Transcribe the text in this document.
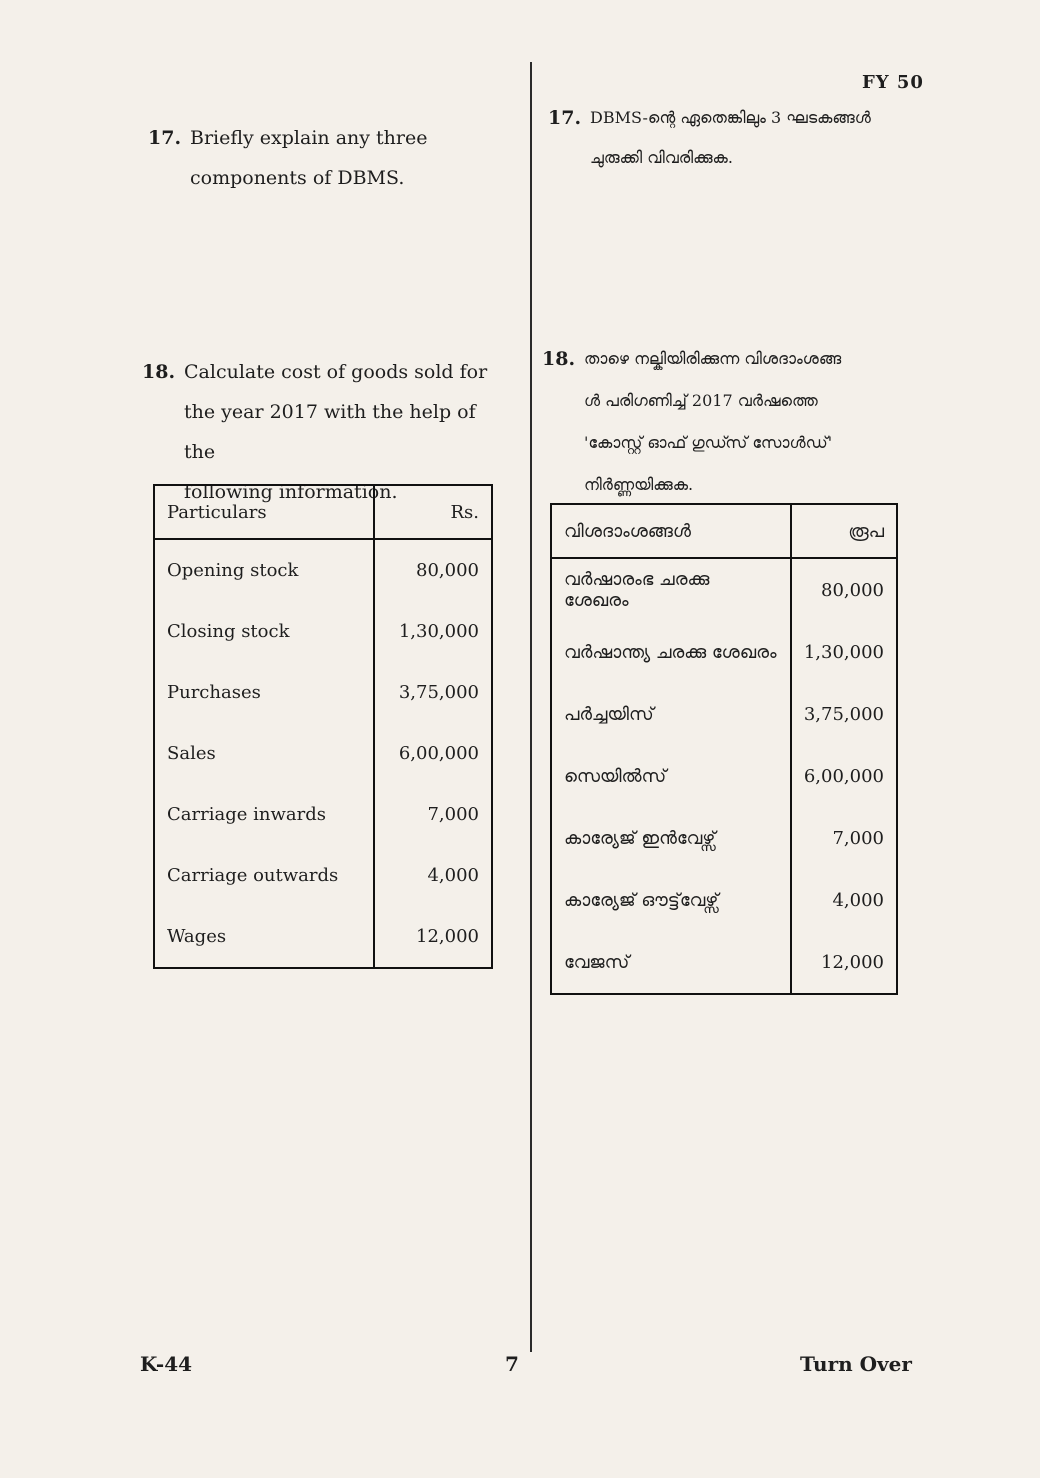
FY 50
17. Briefly explain any three
components of DBMS.
18. Calculate cost of goods sold for
the year 2017 with the help of the
following information.
Particulars	Rs.
Opening stock	80,000
Closing stock	1,30,000
Purchases	3,75,000
Sales	6,00,000
Carriage inwards	7,000
Carriage outwards	4,000
Wages	12,000
17. DBMS-ന്റെ ഏതെങ്കിലും 3 ഘടകങ്ങൾ
ചുരുക്കി വിവരിക്കുക.
18. താഴെ നല്കിയിരിക്കുന്ന വിശദാംശങ്ങ
ൾ പരിഗണിച്ച് 2017 വർഷത്തെ
'കോസ്റ്റ് ഓഫ് ഗുഡ്സ് സോൾഡ്'
നിർണ്ണയിക്കുക.
വിശദാംശങ്ങൾ	രൂപ
വർഷാരംഭ ചരക്കു ശേഖരം	80,000
വർഷാന്ത്യ ചരക്കു ശേഖരം	1,30,000
പർച്ചയിസ്	3,75,000
സെയിൽസ്	6,00,000
കാര്യേജ് ഇൻവേഴ്സ്	7,000
കാര്യേജ് ഔട്ട്‌വേഴ്സ്	4,000
വേജസ്	12,000
K-44	7	Turn Over
